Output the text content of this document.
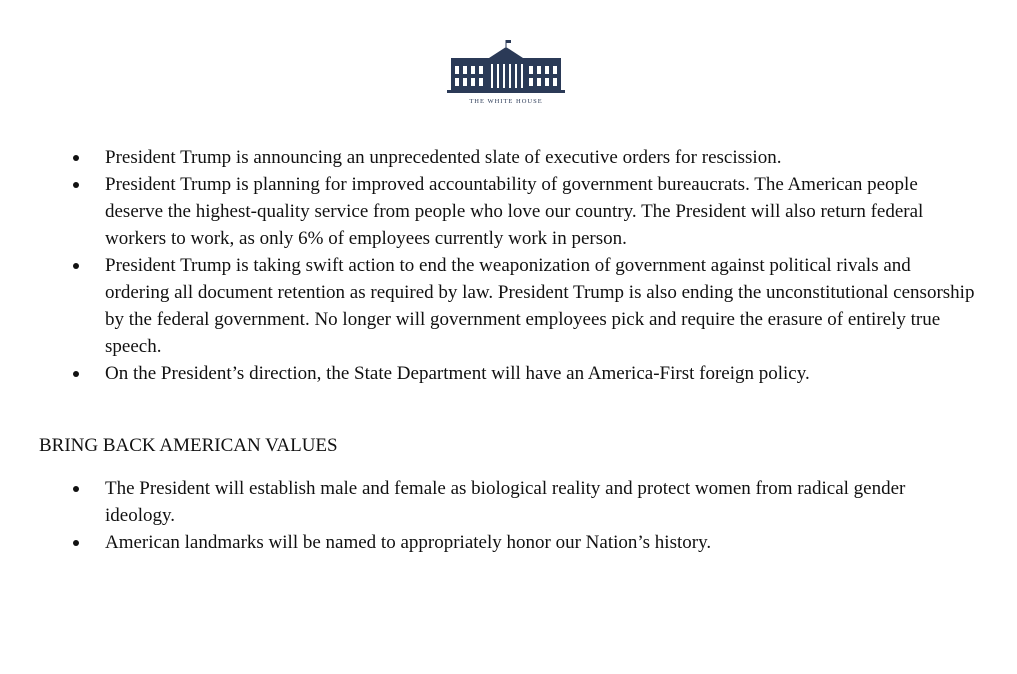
THE WHITE HOUSE
President Trump is announcing an unprecedented slate of executive orders for rescission.
President Trump is planning for improved accountability of government bureaucrats. The American people deserve the highest-quality service from people who love our country. The President will also return federal workers to work, as only 6% of employees currently work in person.
President Trump is taking swift action to end the weaponization of government against political rivals and ordering all document retention as required by law. President Trump is also ending the unconstitutional censorship by the federal government. No longer will government employees pick and require the erasure of entirely true speech.
On the President’s direction, the State Department will have an America-First foreign policy.
BRING BACK AMERICAN VALUES
The President will establish male and female as biological reality and protect women from radical gender ideology.
American landmarks will be named to appropriately honor our Nation’s history.
